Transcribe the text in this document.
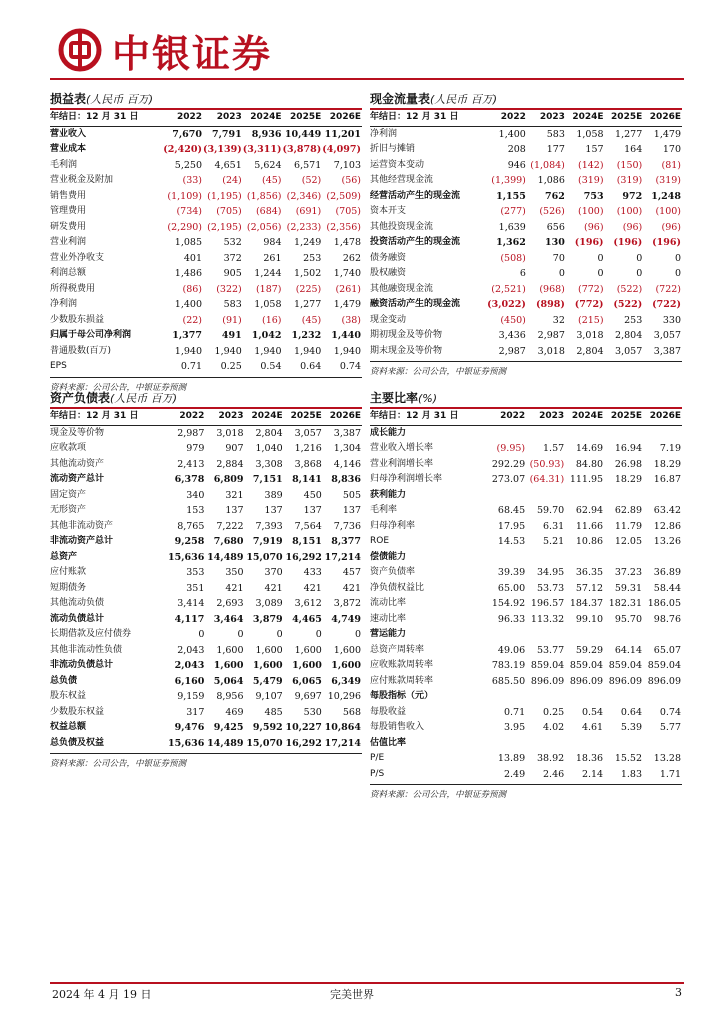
中银证券
损益表(人民币 百万)
年结日：12 月 31 日	2022	2023	2024E	2025E	2026E
营业收入	7,670	7,791	8,936	10,449	11,201
营业成本	(2,420)	(3,139)	(3,311)	(3,878)	(4,097)
毛利润	5,250	4,651	5,624	6,571	7,103
营业税金及附加	(33)	(24)	(45)	(52)	(56)
销售费用	(1,109)	(1,195)	(1,856)	(2,346)	(2,509)
管理费用	(734)	(705)	(684)	(691)	(705)
研发费用	(2,290)	(2,195)	(2,056)	(2,233)	(2,356)
营业利润	1,085	532	984	1,249	1,478
营业外净收支	401	372	261	253	262
利润总额	1,486	905	1,244	1,502	1,740
所得税费用	(86)	(322)	(187)	(225)	(261)
净利润	1,400	583	1,058	1,277	1,479
少数股东损益	(22)	(91)	(16)	(45)	(38)
归属于母公司净利润	1,377	491	1,042	1,232	1,440
普通股数(百万)	1,940	1,940	1,940	1,940	1,940
EPS	0.71	0.25	0.54	0.64	0.74
资料来源：公司公告，中银证券预测
现金流量表(人民币 百万)
年结日：12 月 31 日	2022	2023	2024E	2025E	2026E
净利润	1,400	583	1,058	1,277	1,479
折旧与摊销	208	177	157	164	170
运营资本变动	946	(1,084)	(142)	(150)	(81)
其他经营现金流	(1,399)	1,086	(319)	(319)	(319)
经营活动产生的现金流	1,155	762	753	972	1,248
资本开支	(277)	(526)	(100)	(100)	(100)
其他投资现金流	1,639	656	(96)	(96)	(96)
投资活动产生的现金流	1,362	130	(196)	(196)	(196)
债务融资	(508)	70	0	0	0
股权融资	6	0	0	0	0
其他融资现金流	(2,521)	(968)	(772)	(522)	(722)
融资活动产生的现金流	(3,022)	(898)	(772)	(522)	(722)
现金变动	(450)	32	(215)	253	330
期初现金及等价物	3,436	2,987	3,018	2,804	3,057
期末现金及等价物	2,987	3,018	2,804	3,057	3,387
资料来源：公司公告，中银证券预测
资产负债表(人民币 百万)
年结日：12 月 31 日	2022	2023	2024E	2025E	2026E
现金及等价物	2,987	3,018	2,804	3,057	3,387
应收款项	979	907	1,040	1,216	1,304
其他流动资产	2,413	2,884	3,308	3,868	4,146
流动资产总计	6,378	6,809	7,151	8,141	8,836
固定资产	340	321	389	450	505
无形资产	153	137	137	137	137
其他非流动资产	8,765	7,222	7,393	7,564	7,736
非流动资产总计	9,258	7,680	7,919	8,151	8,377
总资产	15,636	14,489	15,070	16,292	17,214
应付账款	353	350	370	433	457
短期债务	351	421	421	421	421
其他流动负债	3,414	2,693	3,089	3,612	3,872
流动负债总计	4,117	3,464	3,879	4,465	4,749
长期借款及应付债券	0	0	0	0	0
其他非流动性负债	2,043	1,600	1,600	1,600	1,600
非流动负债总计	2,043	1,600	1,600	1,600	1,600
总负债	6,160	5,064	5,479	6,065	6,349
股东权益	9,159	8,956	9,107	9,697	10,296
少数股东权益	317	469	485	530	568
权益总额	9,476	9,425	9,592	10,227	10,864
总负债及权益	15,636	14,489	15,070	16,292	17,214
资料来源：公司公告，中银证券预测
主要比率(%)
年结日：12 月 31 日	2022	2023	2024E	2025E	2026E
成长能力					
营业收入增长率	(9.95)	1.57	14.69	16.94	7.19
营业利润增长率	292.29	(50.93)	84.80	26.98	18.29
归母净利润增长率	273.07	(64.31)	111.95	18.29	16.87
获利能力					
毛利率	68.45	59.70	62.94	62.89	63.42
归母净利率	17.95	6.31	11.66	11.79	12.86
ROE	14.53	5.21	10.86	12.05	13.26
偿债能力					
资产负债率	39.39	34.95	36.35	37.23	36.89
净负债权益比	65.00	53.73	57.12	59.31	58.44
流动比率	154.92	196.57	184.37	182.31	186.05
速动比率	96.33	113.32	99.10	95.70	98.76
营运能力					
总资产周转率	49.06	53.77	59.29	64.14	65.07
应收账款周转率	783.19	859.04	859.04	859.04	859.04
应付账款周转率	685.50	896.09	896.09	896.09	896.09
每股指标（元）					
每股收益	0.71	0.25	0.54	0.64	0.74
每股销售收入	3.95	4.02	4.61	5.39	5.77
估值比率					
P/E	13.89	38.92	18.36	15.52	13.28
P/S	2.49	2.46	2.14	1.83	1.71
资料来源：公司公告，中银证券预测
2024 年 4 月 19 日	完美世界	3
